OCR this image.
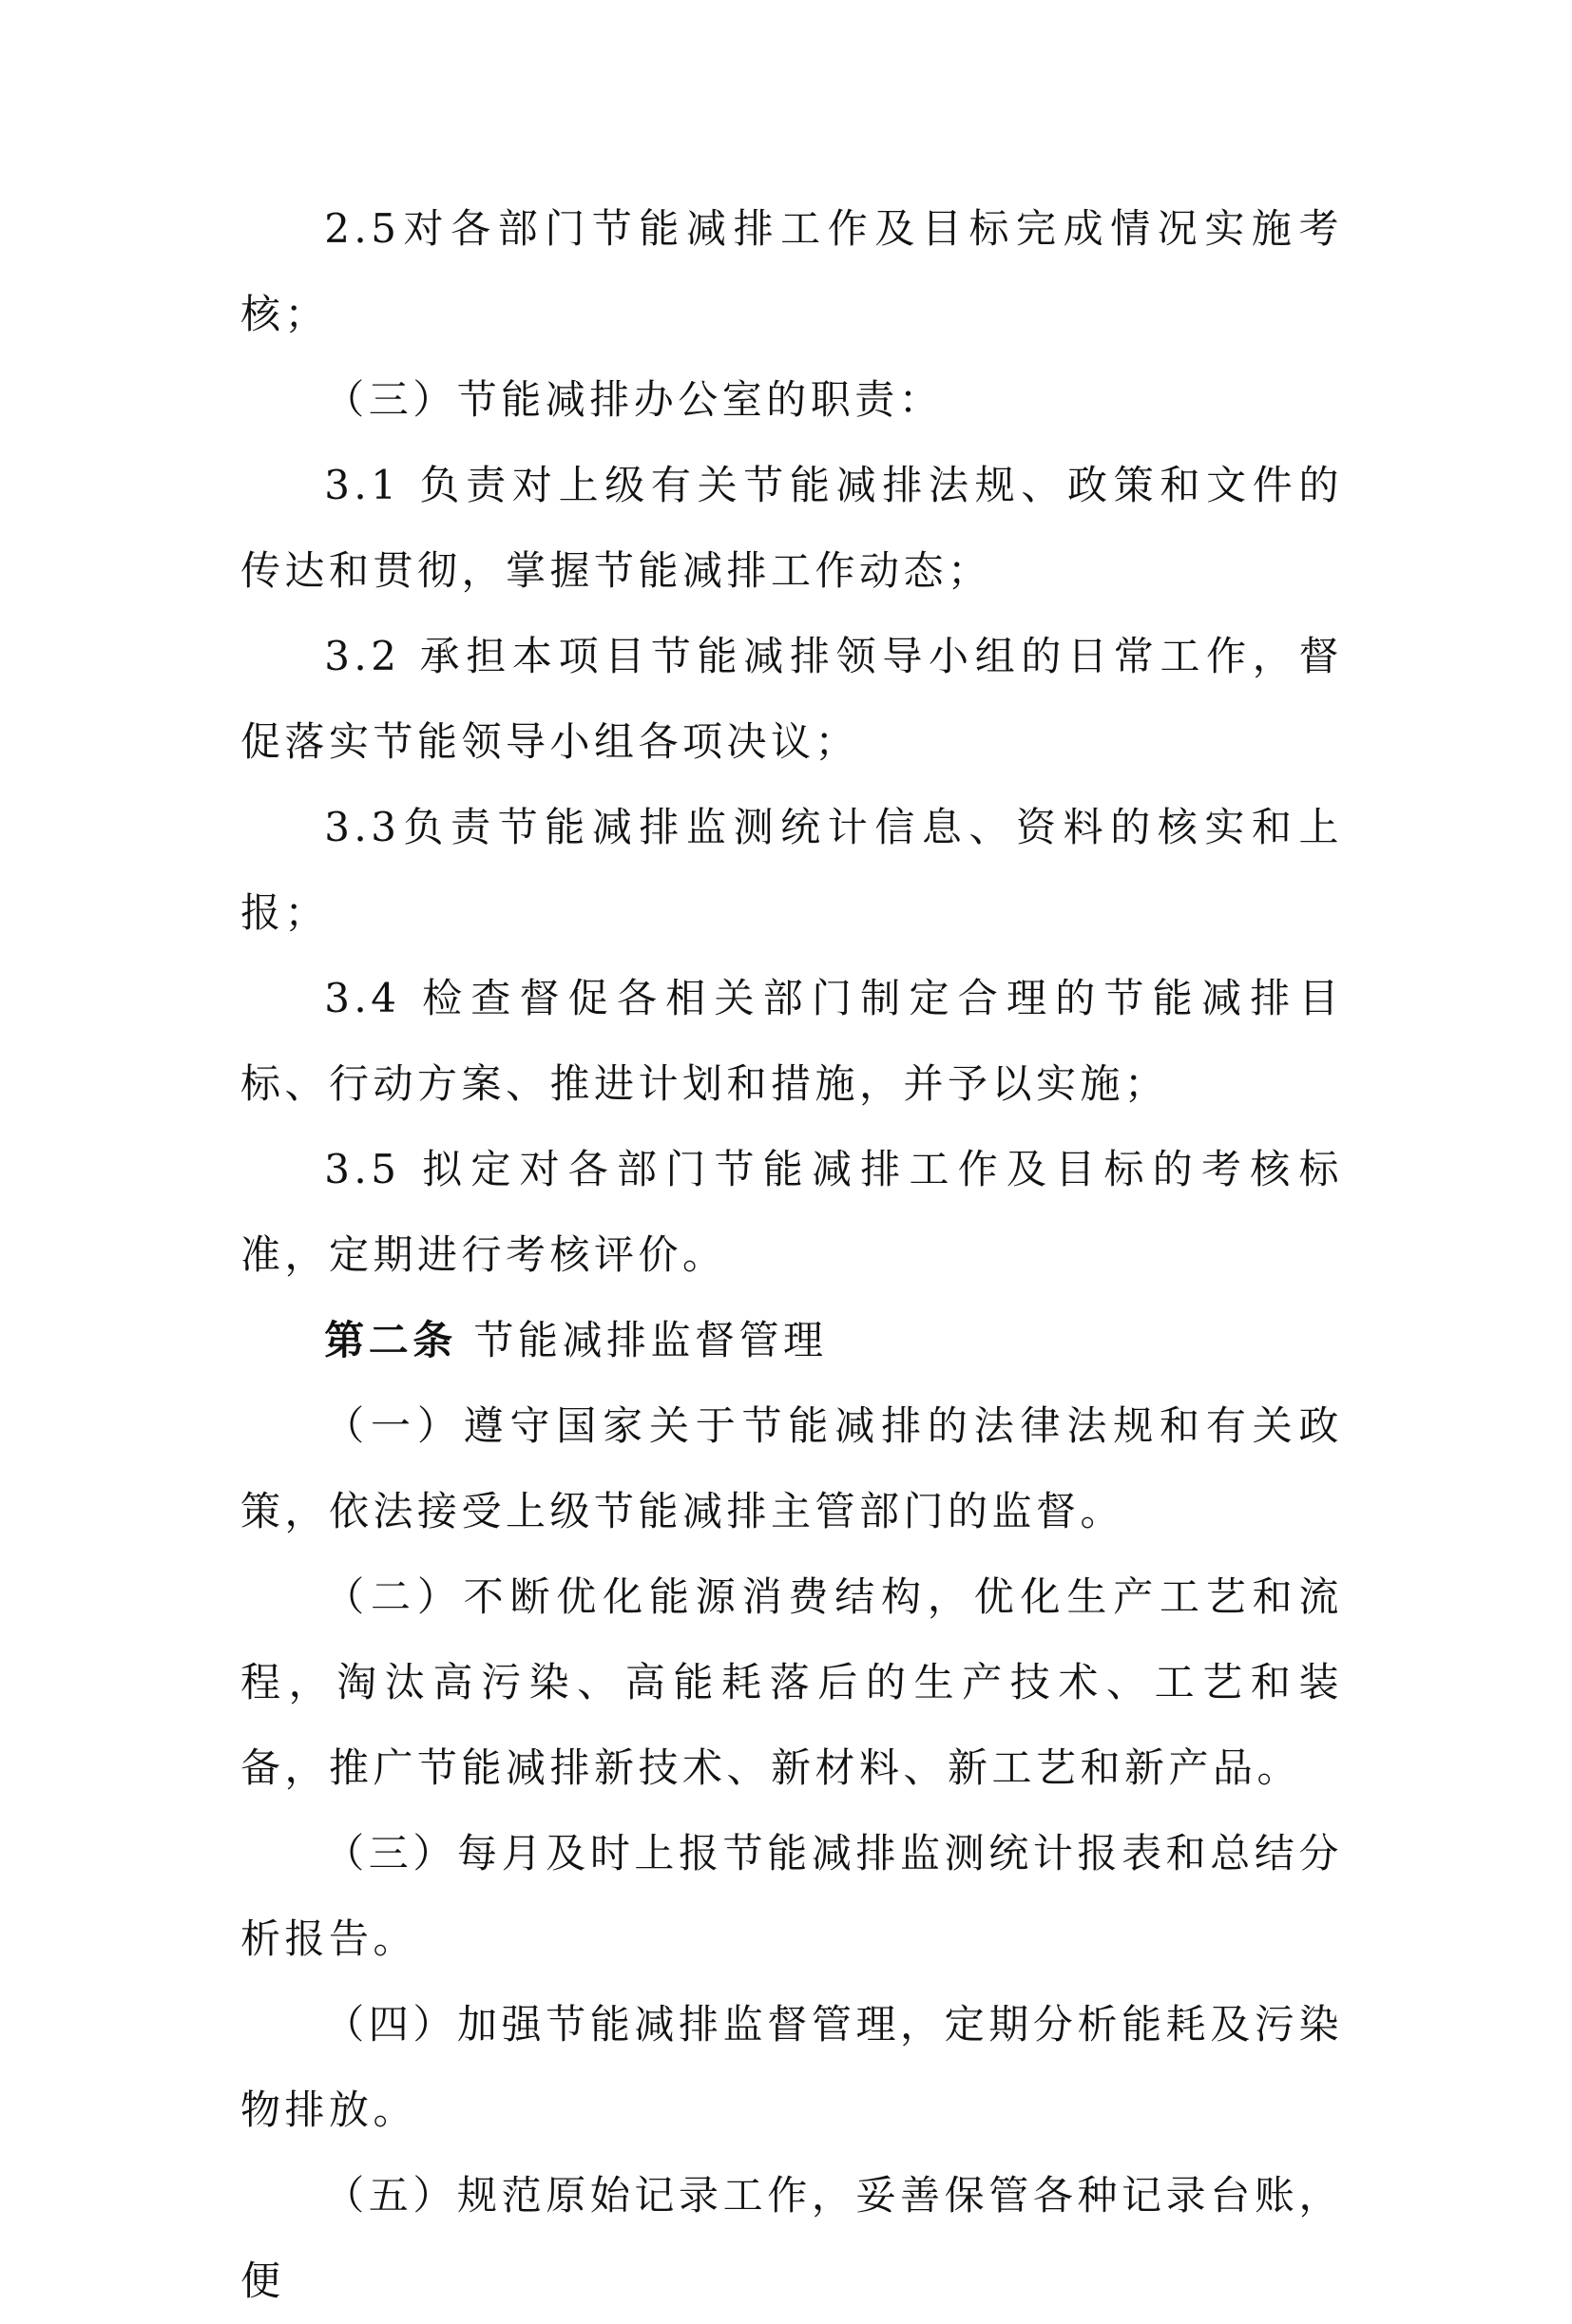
2.5对各部门节能减排工作及目标完成情况实施考核；

（三）节能减排办公室的职责：

3.1 负责对上级有关节能减排法规、政策和文件的传达和贯彻，掌握节能减排工作动态；

3.2 承担本项目节能减排领导小组的日常工作，督促落实节能领导小组各项决议；

3.3负责节能减排监测统计信息、资料的核实和上报；

3.4 检查督促各相关部门制定合理的节能减排目标、行动方案、推进计划和措施，并予以实施；

3.5 拟定对各部门节能减排工作及目标的考核标准，定期进行考核评价。

第二条 节能减排监督管理

（一）遵守国家关于节能减排的法律法规和有关政策，依法接受上级节能减排主管部门的监督。

（二）不断优化能源消费结构，优化生产工艺和流程，淘汰高污染、高能耗落后的生产技术、工艺和装备，推广节能减排新技术、新材料、新工艺和新产品。

（三）每月及时上报节能减排监测统计报表和总结分析报告。

（四）加强节能减排监督管理，定期分析能耗及污染物排放。

（五）规范原始记录工作，妥善保管各种记录台账，便
